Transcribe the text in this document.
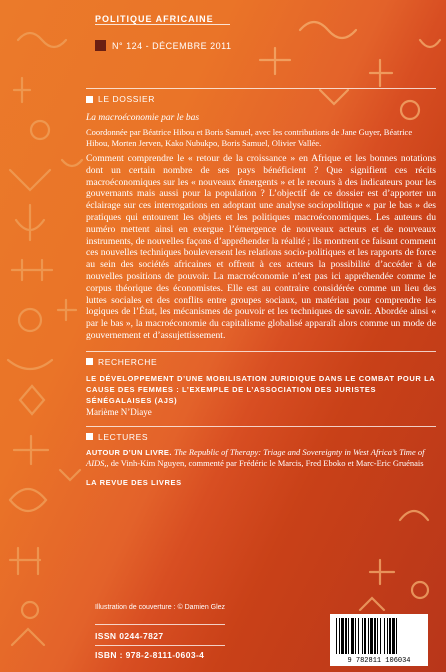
POLITIQUE AFRICAINE
N° 124 - DÉCEMBRE 2011
LE DOSSIER
La macroéconomie par le bas
Coordonnée par Béatrice Hibou et Boris Samuel, avec les contributions de Jane Guyer, Béatrice Hibou, Morten Jerven, Kako Nubukpo, Boris Samuel, Olivier Vallée.
Comment comprendre le « retour de la croissance » en Afrique et les bonnes notations dont un certain nombre de ses pays bénéficient ? Que signifient ces récits macroéconomiques sur les « nouveaux émergents » et le recours à des indicateurs pour les gouvernants mais aussi pour la population ? L’objectif de ce dossier est d’apporter un éclairage sur ces interrogations en adoptant une analyse sociopolitique « par le bas » des pratiques qui entourent les objets et les politiques macroéconomiques. Les auteurs du numéro mettent ainsi en exergue l’émergence de nouveaux acteurs et de nouveaux instruments, de nouvelles façons d’appréhender la réalité ; ils montrent ce faisant comment ces nouvelles techniques bouleversent les relations socio-politiques et les rapports de force au sein des sociétés africaines et offrent à ces acteurs la possibilité d’accéder à de nouvelles positions de pouvoir. La macroéconomie n’est pas ici appréhendée comme le corpus théorique des économistes. Elle est au contraire considérée comme un lieu des luttes sociales et des conflits entre groupes sociaux, un matériau pour comprendre les logiques de l’État, les mécanismes de pouvoir et les techniques de savoir. Abordée ainsi « par le bas », la macroéconomie du capitalisme globalisé apparaît alors comme un mode de gouvernement et d’assujettissement.
RECHERCHE
LE DÉVELOPPEMENT D’UNE MOBILISATION JURIDIQUE DANS LE COMBAT POUR LA CAUSE DES FEMMES : L’EXEMPLE DE L’ASSOCIATION DES JURISTES SÉNÉGALAISES (AJS)
Marième N’Diaye
LECTURES
AUTOUR D’UN LIVRE. The Republic of Therapy: Triage and Sovereignty in West Africa’s Time of AIDS,, de Vinh-Kim Nguyen, commenté par Frédéric le Marcis, Fred Eboko et Marc-Eric Gruénais
LA REVUE DES LIVRES
Illustration de couverture : © Damien Glez
ISSN 0244-7827
ISBN : 978-2-8111-0603-4
9 782811 106034
